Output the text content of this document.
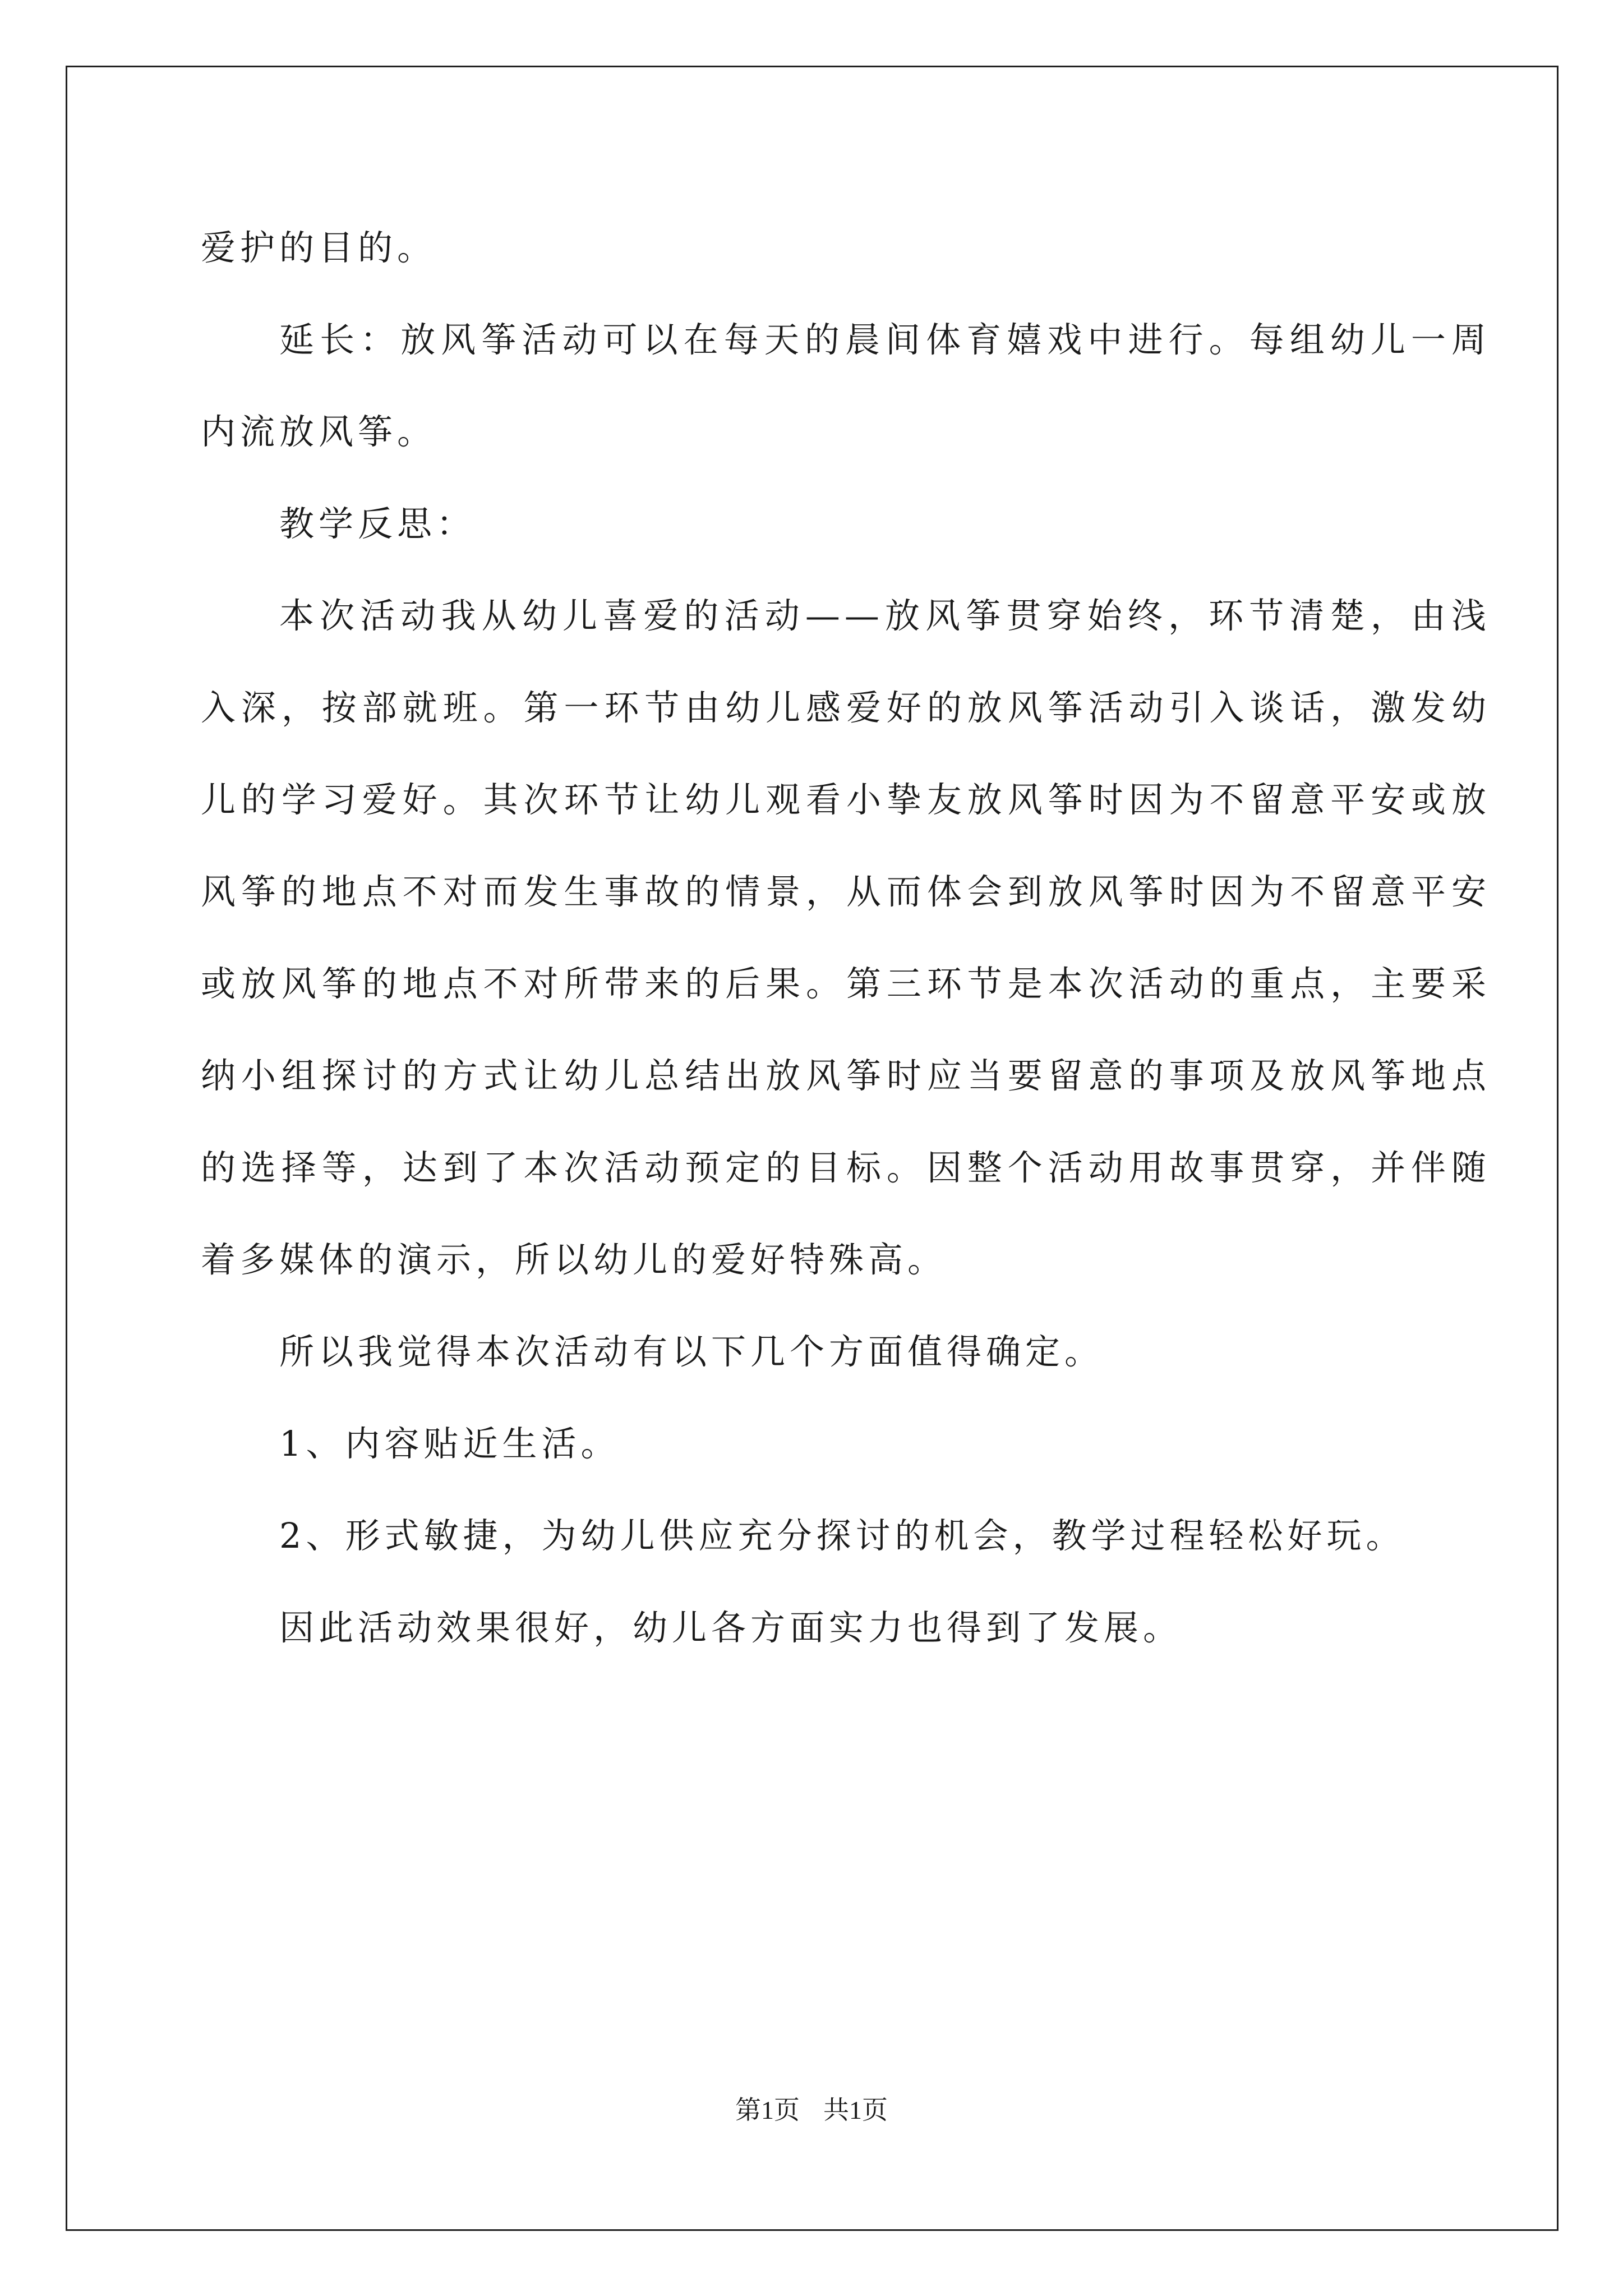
爱护的目的。

延长：放风筝活动可以在每天的晨间体育嬉戏中进行。每组幼儿一周内流放风筝。

教学反思：

本次活动我从幼儿喜爱的活动——放风筝贯穿始终，环节清楚，由浅入深，按部就班。第一环节由幼儿感爱好的放风筝活动引入谈话，激发幼儿的学习爱好。其次环节让幼儿观看小挚友放风筝时因为不留意平安或放风筝的地点不对而发生事故的情景，从而体会到放风筝时因为不留意平安或放风筝的地点不对所带来的后果。第三环节是本次活动的重点，主要采纳小组探讨的方式让幼儿总结出放风筝时应当要留意的事项及放风筝地点的选择等，达到了本次活动预定的目标。因整个活动用故事贯穿，并伴随着多媒体的演示，所以幼儿的爱好特殊高。

所以我觉得本次活动有以下几个方面值得确定。

1、内容贴近生活。

2、形式敏捷，为幼儿供应充分探讨的机会，教学过程轻松好玩。

因此活动效果很好，幼儿各方面实力也得到了发展。

第1页 共1页
